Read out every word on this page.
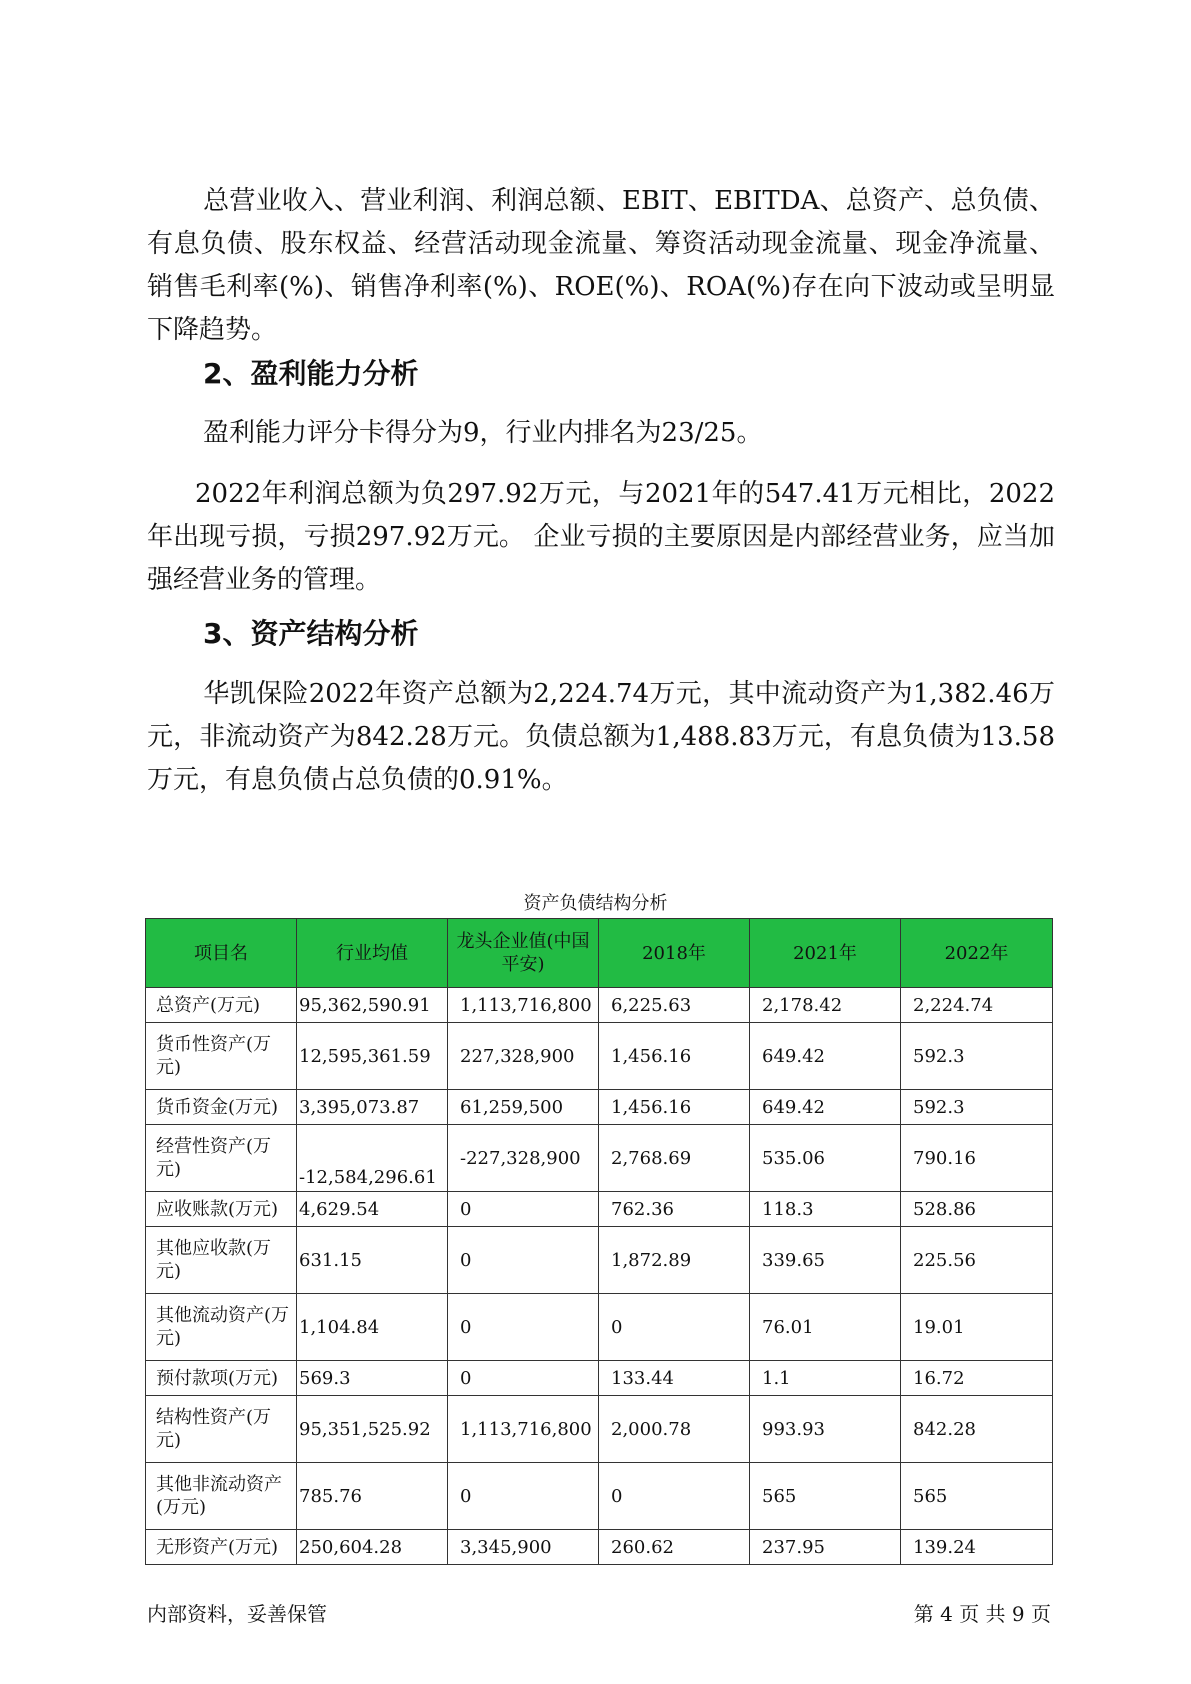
总营业收入、营业利润、利润总额、EBIT、EBITDA、总资产、总负债、有息负债、股东权益、经营活动现金流量、筹资活动现金流量、现金净流量、销售毛利率(%)、销售净利率(%)、ROE(%)、ROA(%)存在向下波动或呈明显下降趋势。

2、盈利能力分析

盈利能力评分卡得分为9，行业内排名为23/25。

2022年利润总额为负297.92万元，与2021年的547.41万元相比，2022年出现亏损，亏损297.92万元。 企业亏损的主要原因是内部经营业务，应当加强经营业务的管理。

3、资产结构分析

华凯保险2022年资产总额为2,224.74万元，其中流动资产为1,382.46万元，非流动资产为842.28万元。负债总额为1,488.83万元，有息负债为13.58万元，有息负债占总负债的0.91%。

资产负债结构分析
项目名	行业均值	龙头企业值(中国平安)	2018年	2021年	2022年
总资产(万元)	95,362,590.91	1,113,716,800	6,225.63	2,178.42	2,224.74
货币性资产(万元)	12,595,361.59	227,328,900	1,456.16	649.42	592.3
货币资金(万元)	3,395,073.87	61,259,500	1,456.16	649.42	592.3
经营性资产(万元)	-12,584,296.61	-227,328,900	2,768.69	535.06	790.16
应收账款(万元)	4,629.54	0	762.36	118.3	528.86
其他应收款(万元)	631.15	0	1,872.89	339.65	225.56
其他流动资产(万元)	1,104.84	0	0	76.01	19.01
预付款项(万元)	569.3	0	133.44	1.1	16.72
结构性资产(万元)	95,351,525.92	1,113,716,800	2,000.78	993.93	842.28
其他非流动资产(万元)	785.76	0	0	565	565
无形资产(万元)	250,604.28	3,345,900	260.62	237.95	139.24
内部资料，妥善保管	第 4 页 共 9 页
